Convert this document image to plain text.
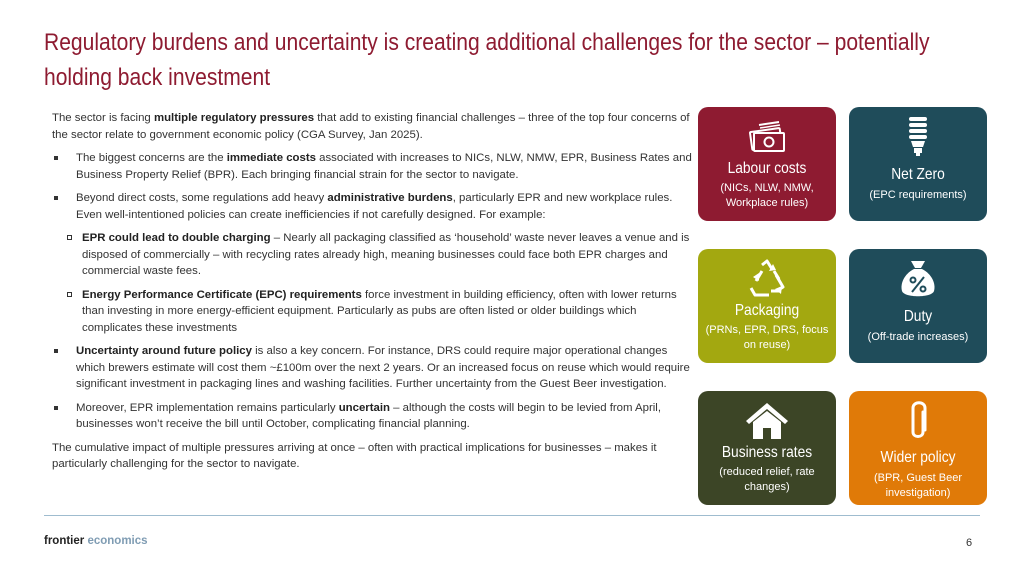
Regulatory burdens and uncertainty is creating additional challenges for the sector – potentially holding back investment

The sector is facing multiple regulatory pressures that add to existing financial challenges – three of the top four concerns of the sector relate to government economic policy (CGA Survey, Jan 2025).

The biggest concerns are the immediate costs associated with increases to NICs, NLW, NMW, EPR, Business Rates and Business Property Relief (BPR). Each bringing financial strain for the sector to navigate.
Beyond direct costs, some regulations add heavy administrative burdens, particularly EPR and new workplace rules. Even well-intentioned policies can create inefficiencies if not carefully designed. For example:
EPR could lead to double charging – Nearly all packaging classified as ‘household’ waste never leaves a venue and is disposed of commercially – with recycling rates already high, meaning businesses could face both EPR charges and commercial waste fees.
Energy Performance Certificate (EPC) requirements force investment in building efficiency, often with lower returns than investing in more energy-efficient equipment. Particularly as pubs are often listed or older buildings which complicates these investments
Uncertainty around future policy is also a key concern. For instance, DRS could require major operational changes which brewers estimate will cost them ~£100m over the next 2 years. Or an increased focus on reuse which would require significant investment in packaging lines and washing facilities. Further uncertainty from the Guest Beer investigation.
Moreover, EPR implementation remains particularly uncertain – although the costs will begin to be levied from April, businesses won’t receive the bill until October, complicating financial planning.

The cumulative impact of multiple pressures arriving at once – often with practical implications for businesses – makes it particularly challenging for the sector to navigate.

Labour costs
(NICs, NLW, NMW, Workplace rules)
Net Zero
(EPC requirements)
Packaging
(PRNs, EPR, DRS, focus on reuse)
Duty
(Off-trade increases)
Business rates
(reduced relief, rate changes)
Wider policy
(BPR, Guest Beer investigation)
frontier economics	6
